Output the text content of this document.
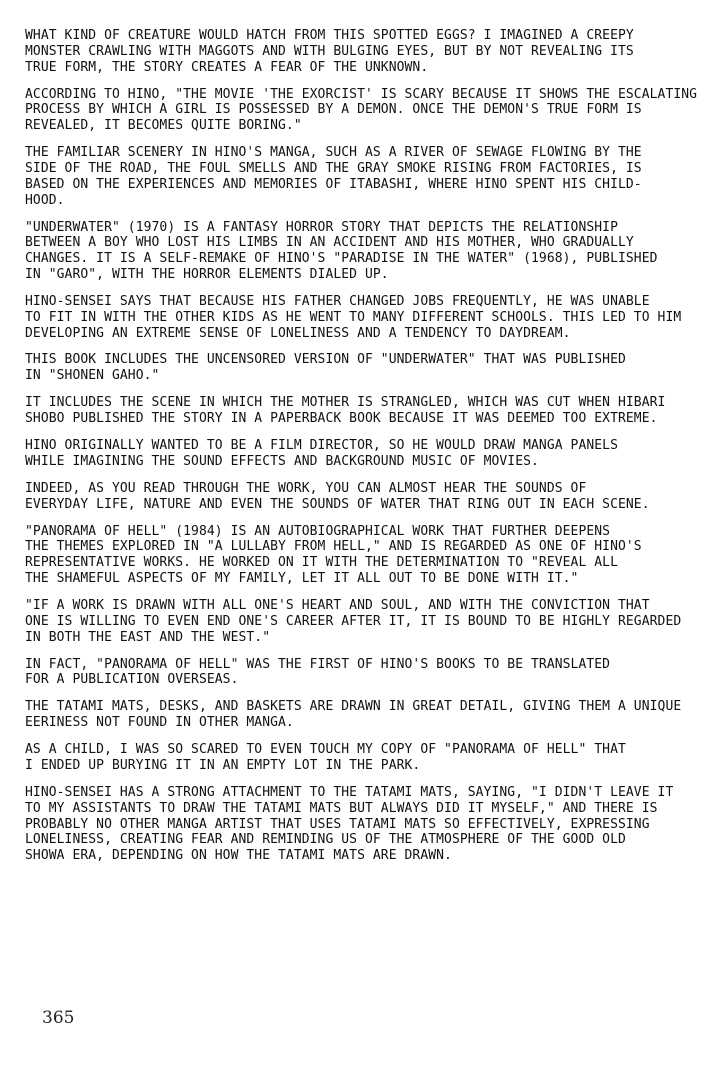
WHAT KIND OF CREATURE WOULD HATCH FROM THIS SPOTTED EGGS? I IMAGINED A CREEPY
MONSTER CRAWLING WITH MAGGOTS AND WITH BULGING EYES, BUT BY NOT REVEALING ITS
TRUE FORM, THE STORY CREATES A FEAR OF THE UNKNOWN.

ACCORDING TO HINO, "THE MOVIE 'THE EXORCIST' IS SCARY BECAUSE IT SHOWS THE ESCALATING
PROCESS BY WHICH A GIRL IS POSSESSED BY A DEMON. ONCE THE DEMON'S TRUE FORM IS
REVEALED, IT BECOMES QUITE BORING."

THE FAMILIAR SCENERY IN HINO'S MANGA, SUCH AS A RIVER OF SEWAGE FLOWING BY THE
SIDE OF THE ROAD, THE FOUL SMELLS AND THE GRAY SMOKE RISING FROM FACTORIES, IS
BASED ON THE EXPERIENCES AND MEMORIES OF ITABASHI, WHERE HINO SPENT HIS CHILD-
HOOD.

"UNDERWATER" (1970) IS A FANTASY HORROR STORY THAT DEPICTS THE RELATIONSHIP
BETWEEN A BOY WHO LOST HIS LIMBS IN AN ACCIDENT AND HIS MOTHER, WHO GRADUALLY
CHANGES. IT IS A SELF-REMAKE OF HINO'S "PARADISE IN THE WATER" (1968), PUBLISHED
IN "GARO", WITH THE HORROR ELEMENTS DIALED UP.

HINO-SENSEI SAYS THAT BECAUSE HIS FATHER CHANGED JOBS FREQUENTLY, HE WAS UNABLE
TO FIT IN WITH THE OTHER KIDS AS HE WENT TO MANY DIFFERENT SCHOOLS. THIS LED TO HIM
DEVELOPING AN EXTREME SENSE OF LONELINESS AND A TENDENCY TO DAYDREAM.

THIS BOOK INCLUDES THE UNCENSORED VERSION OF "UNDERWATER" THAT WAS PUBLISHED
IN "SHONEN GAHO."

IT INCLUDES THE SCENE IN WHICH THE MOTHER IS STRANGLED, WHICH WAS CUT WHEN HIBARI
SHOBO PUBLISHED THE STORY IN A PAPERBACK BOOK BECAUSE IT WAS DEEMED TOO EXTREME.

HINO ORIGINALLY WANTED TO BE A FILM DIRECTOR, SO HE WOULD DRAW MANGA PANELS
WHILE IMAGINING THE SOUND EFFECTS AND BACKGROUND MUSIC OF MOVIES.

INDEED, AS YOU READ THROUGH THE WORK, YOU CAN ALMOST HEAR THE SOUNDS OF
EVERYDAY LIFE, NATURE AND EVEN THE SOUNDS OF WATER THAT RING OUT IN EACH SCENE.

"PANORAMA OF HELL" (1984) IS AN AUTOBIOGRAPHICAL WORK THAT FURTHER DEEPENS
THE THEMES EXPLORED IN "A LULLABY FROM HELL," AND IS REGARDED AS ONE OF HINO'S
REPRESENTATIVE WORKS. HE WORKED ON IT WITH THE DETERMINATION TO "REVEAL ALL
THE SHAMEFUL ASPECTS OF MY FAMILY, LET IT ALL OUT TO BE DONE WITH IT."

"IF A WORK IS DRAWN WITH ALL ONE'S HEART AND SOUL, AND WITH THE CONVICTION THAT
ONE IS WILLING TO EVEN END ONE'S CAREER AFTER IT, IT IS BOUND TO BE HIGHLY REGARDED
IN BOTH THE EAST AND THE WEST."

IN FACT, "PANORAMA OF HELL" WAS THE FIRST OF HINO'S BOOKS TO BE TRANSLATED
FOR A PUBLICATION OVERSEAS.

THE TATAMI MATS, DESKS, AND BASKETS ARE DRAWN IN GREAT DETAIL, GIVING THEM A UNIQUE
EERINESS NOT FOUND IN OTHER MANGA.

AS A CHILD, I WAS SO SCARED TO EVEN TOUCH MY COPY OF "PANORAMA OF HELL" THAT
I ENDED UP BURYING IT IN AN EMPTY LOT IN THE PARK.

HINO-SENSEI HAS A STRONG ATTACHMENT TO THE TATAMI MATS, SAYING, "I DIDN'T LEAVE IT
TO MY ASSISTANTS TO DRAW THE TATAMI MATS BUT ALWAYS DID IT MYSELF," AND THERE IS
PROBABLY NO OTHER MANGA ARTIST THAT USES TATAMI MATS SO EFFECTIVELY, EXPRESSING
LONELINESS, CREATING FEAR AND REMINDING US OF THE ATMOSPHERE OF THE GOOD OLD
SHOWA ERA, DEPENDING ON HOW THE TATAMI MATS ARE DRAWN.

365
